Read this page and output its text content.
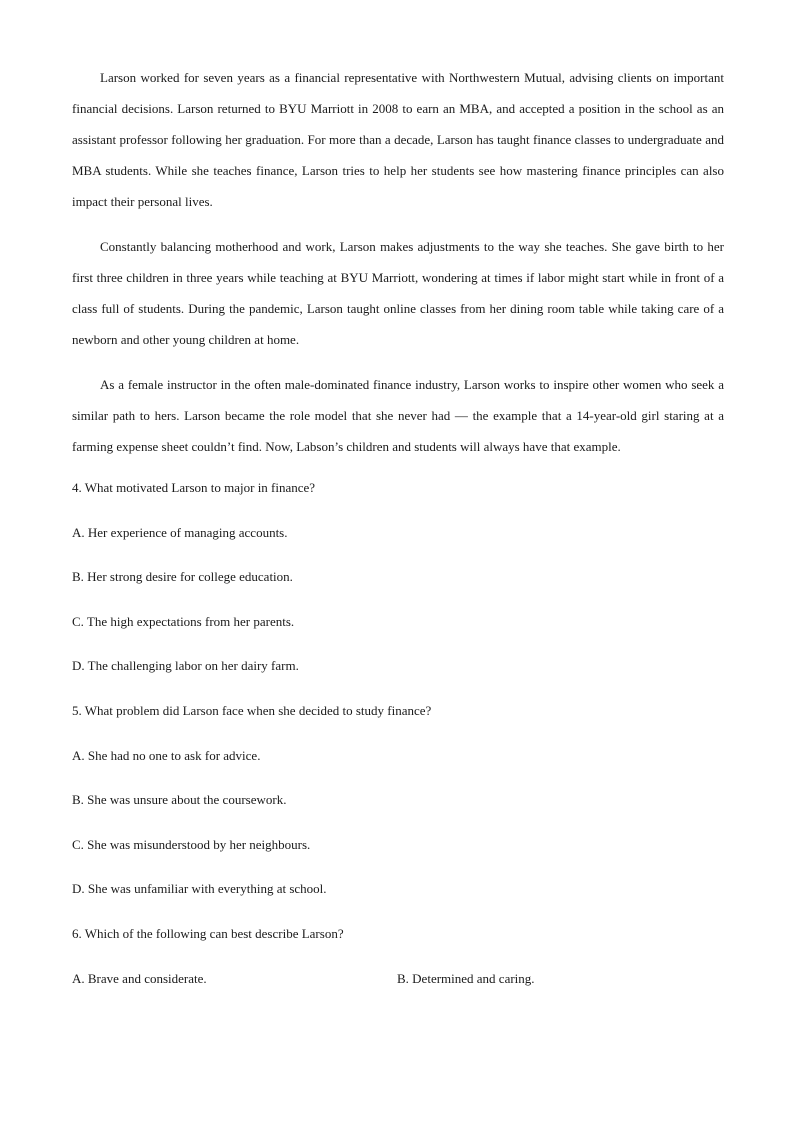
Larson worked for seven years as a financial representative with Northwestern Mutual, advising clients on important financial decisions. Larson returned to BYU Marriott in 2008 to earn an MBA, and accepted a position in the school as an assistant professor following her graduation. For more than a decade, Larson has taught finance classes to undergraduate and MBA students. While she teaches finance, Larson tries to help her students see how mastering finance principles can also impact their personal lives.

Constantly balancing motherhood and work, Larson makes adjustments to the way she teaches. She gave birth to her first three children in three years while teaching at BYU Marriott, wondering at times if labor might start while in front of a class full of students. During the pandemic, Larson taught online classes from her dining room table while taking care of a newborn and other young children at home.

As a female instructor in the often male-dominated finance industry, Larson works to inspire other women who seek a similar path to hers. Larson became the role model that she never had — the example that a 14-year-old girl staring at a farming expense sheet couldn’t find. Now, Labson’s children and students will always have that example.

4. What motivated Larson to major in finance?

A. Her experience of managing accounts.

B. Her strong desire for college education.

C. The high expectations from her parents.

D. The challenging labor on her dairy farm.

5. What problem did Larson face when she decided to study finance?

A. She had no one to ask for advice.

B. She was unsure about the coursework.

C. She was misunderstood by her neighbours.

D. She was unfamiliar with everything at school.

6. Which of the following can best describe Larson?

A. Brave and considerate.	B. Determined and caring.
